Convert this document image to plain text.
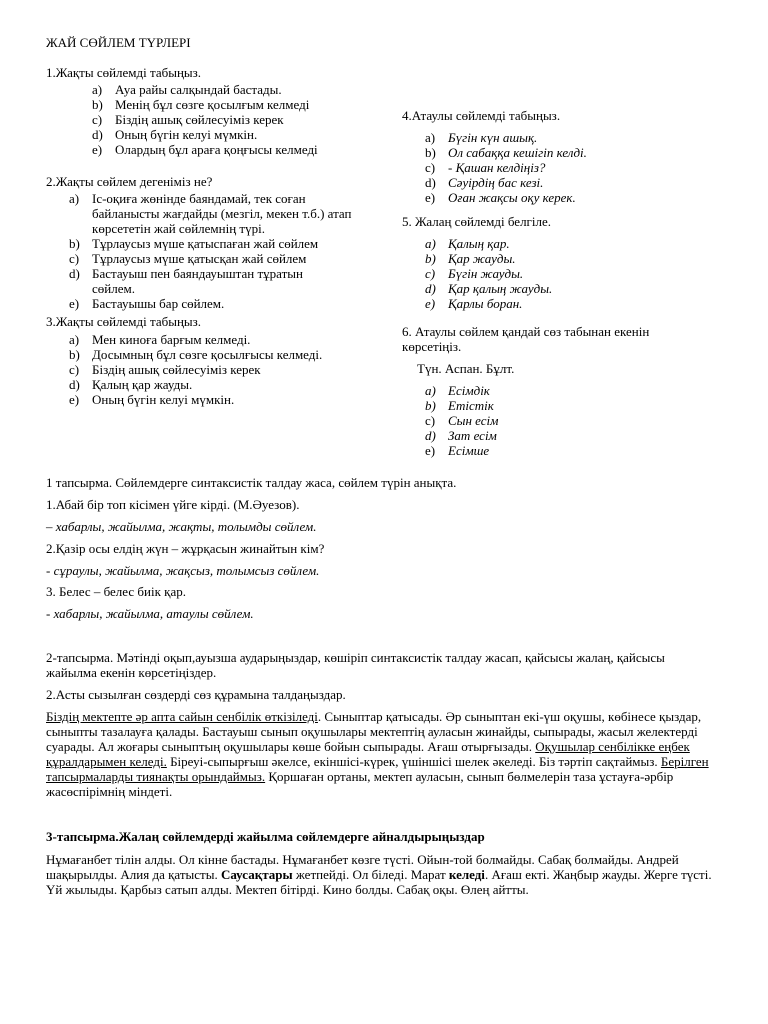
ЖАЙ СӨЙЛЕМ ТҮРЛЕРІ
1.Жақты сөйлемді табыңыз.
a) Ауа райы салқындай бастады.
b) Менің бұл сөзге қосылғым келмеді
c) Біздің ашық сөйлесуіміз керек
d) Оның бүгін келуі мүмкін.
e) Олардың бұл араға қоңғысы келмеді
2.Жақты сөйлем дегеніміз не?
a) Іс-оқиға жөнінде баяндамай, тек соған байланысты жағдайды (мезгіл, мекен т.б.) атап көрсететін жай сөйлемнің түрі.
b) Тұрлаусыз мүше қатыспаған жай сөйлем
c) Тұрлаусыз мүше қатысқан жай сөйлем
d) Бастауыш пен баяндауыштан тұратын сөйлем.
e) Бастауышы бар сөйлем.
3.Жақты сөйлемді табыңыз.
a) Мен киноға барғым келмеді.
b) Досымның бұл сөзге қосылғысы келмеді.
c) Біздің ашық сөйлесуіміз керек
d) Қалың қар жауды.
e) Оның бүгін келуі мүмкін.
4.Атаулы сөйлемді табыңыз.
a) Бүгін күн ашық.
b) Ол сабаққа кешігіп келді.
c) - Қашан келдіңіз?
d) Сәуірдің бас кезі.
e) Оған жақсы оқу керек.
5. Жалаң сөйлемді белгіле.
a) Қалың қар.
b) Қар жауды.
c) Бүгін жауды.
d) Қар қалың жауды.
e) Қарлы боран.
6. Атаулы сөйлем қандай сөз табынан екенін көрсетіңіз.
Түн. Аспан. Бұлт.
a) Есімдік
b) Етістік
c) Сын есім
d) Зат есім
e) Есімше
1 тапсырма. Сөйлемдерге синтаксистік талдау жаса, сөйлем түрін анықта.
1.Абай бір топ кісімен үйге кірді. (М.Әуезов).
– хабарлы, жайылма, жақты, толымды сөйлем.
2.Қазір осы елдің жүн – жұрқасын жинайтын кім?
- сұраулы, жайылма, жақсыз, толымсыз сөйлем.
3. Белес – белес биік қар.
- хабарлы, жайылма, атаулы сөйлем.
2-тапсырма. Мәтінді оқып,ауызша аударыңыздар, көшіріп синтаксистік талдау жасап, қайсысы жалаң, қайсысы жайылма екенін көрсетіңіздер.
2.Асты сызылған сөздерді сөз құрамына талдаңыздар.
Біздің мектепте әр апта сайын сенбілік өткізіледі. Сыныптар қатысады. Әр сыныптан екі-үш оқушы, көбінесе қыздар, сыныпты тазалауға қалады. Бастауыш сынып оқушылары мектептің ауласын жинайды, сыпырады, жасыл желектерді суарады. Ал жоғары сыныптың оқушылары көше бойын сыпырады. Ағаш отырғызады. Оқушылар сенбілікке еңбек құралдарымен келеді. Біреуі-сыпырғыш әкелсе, екіншісі-күрек, үшіншісі шелек әкеледі. Біз тәртіп сақтаймыз. Берілген тапсырмаларды тиянақты орындаймыз. Қоршаған ортаны, мектеп ауласын, сынып бөлмелерін таза ұстауға-әрбір жасөспірімнің міндеті.
3-тапсырма.Жалаң сөйлемдерді жайылма сөйлемдерге айналдырыңыздар
Нұмағанбет тілін алды. Ол кінне бастады. Нұмағанбет көзге түсті. Ойын-той болмайды. Сабақ болмайды. Андрей шақырылды. Алия да қатысты. Саусақтары жетпейді. Ол біледі. Марат келеді. Ағаш екті. Жаңбыр жауды. Жерге түсті. Үй жылыды. Қарбыз сатып алды. Мектеп бітірді. Кино болды. Сабақ оқы. Өлең айтты.
